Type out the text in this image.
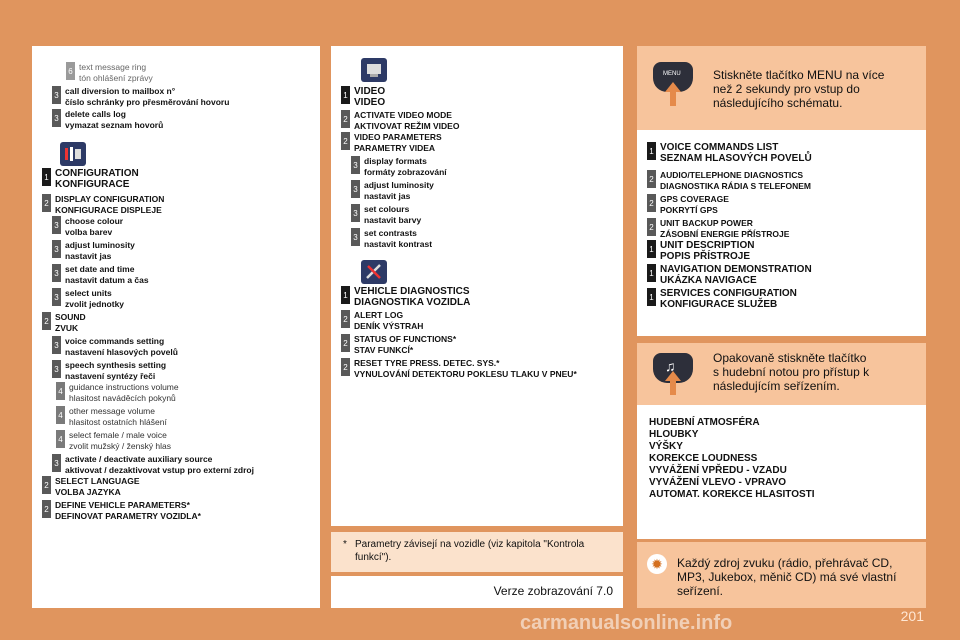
6 text message ring
tón ohlášení zprávy
3 call diversion to mailbox n°
číslo schránky pro přesměrování hovoru
3 delete calls log
vymazat seznam hovorů
1 CONFIGURATION
KONFIGURACE
2 DISPLAY CONFIGURATION
KONFIGURACE DISPLEJE
3 choose colour
volba barev
3 adjust luminosity
nastavit jas
3 set date and time
nastavit datum a čas
3 select units
zvolit jednotky
2 SOUND
ZVUK
3 voice commands setting
nastavení hlasových povelů
3 speech synthesis setting
nastavení syntézy řeči
4 guidance instructions volume
hlasitost naváděcích pokynů
4 other message volume
hlasitost ostatních hlášení
4 select female / male voice
zvolit mužský / ženský hlas
3 activate / deactivate auxiliary source
aktivovat / dezaktivovat vstup pro externí zdroj
2 SELECT LANGUAGE
VOLBA JAZYKA
2 DEFINE VEHICLE PARAMETERS*
DEFINOVAT PARAMETRY VOZIDLA*
1 VIDEO
VIDEO
2 ACTIVATE VIDEO MODE
AKTIVOVAT REŽIM VIDEO
2 VIDEO PARAMETERS
PARAMETRY VIDEA
3 display formats
formáty zobrazování
3 adjust luminosity
nastavit jas
3 set colours
nastavit barvy
3 set contrasts
nastavit kontrast
1 VEHICLE DIAGNOSTICS
DIAGNOSTIKA VOZIDLA
2 ALERT LOG
DENÍK VÝSTRAH
2 STATUS OF FUNCTIONS*
STAV FUNKCÍ*
2 RESET TYRE PRESS. DETEC. SYS.*
VYNULOVÁNÍ DETEKTORU POKLESU TLAKU V PNEU*
* Parametry závisejí na vozidle (viz kapitola "Kontrola
funkcí").
Verze zobrazování 7.0
MENU	Stiskněte tlačítko MENU na více
než 2 sekundy pro vstup do
následujícího schématu.
1 VOICE COMMANDS LIST
SEZNAM HLASOVÝCH POVELŮ
2 AUDIO/TELEPHONE DIAGNOSTICS
DIAGNOSTIKA RÁDIA S TELEFONEM
2 GPS COVERAGE
POKRYTÍ GPS
2 UNIT BACKUP POWER
ZÁSOBNÍ ENERGIE PŘÍSTROJE
1 UNIT DESCRIPTION
POPIS PŘÍSTROJE
1 NAVIGATION DEMONSTRATION
UKÁZKA NAVIGACE
1 SERVICES CONFIGURATION
KONFIGURACE SLUŽEB
♫	Opakovaně stiskněte tlačítko
s hudební notou pro přístup k
následujícím seřízením.
HUDEBNÍ ATMOSFÉRA
HLOUBKY
VÝŠKY
KOREKCE LOUDNESS
VYVÁŽENÍ VPŘEDU - VZADU
VYVÁŽENÍ VLEVO - VPRAVO
AUTOMAT. KOREKCE HLASITOSTI
✹	Každý zdroj zvuku (rádio, přehrávač CD,
MP3, Jukebox, měnič CD) má své vlastní
seřízení.
carmanualsonline.info	201
